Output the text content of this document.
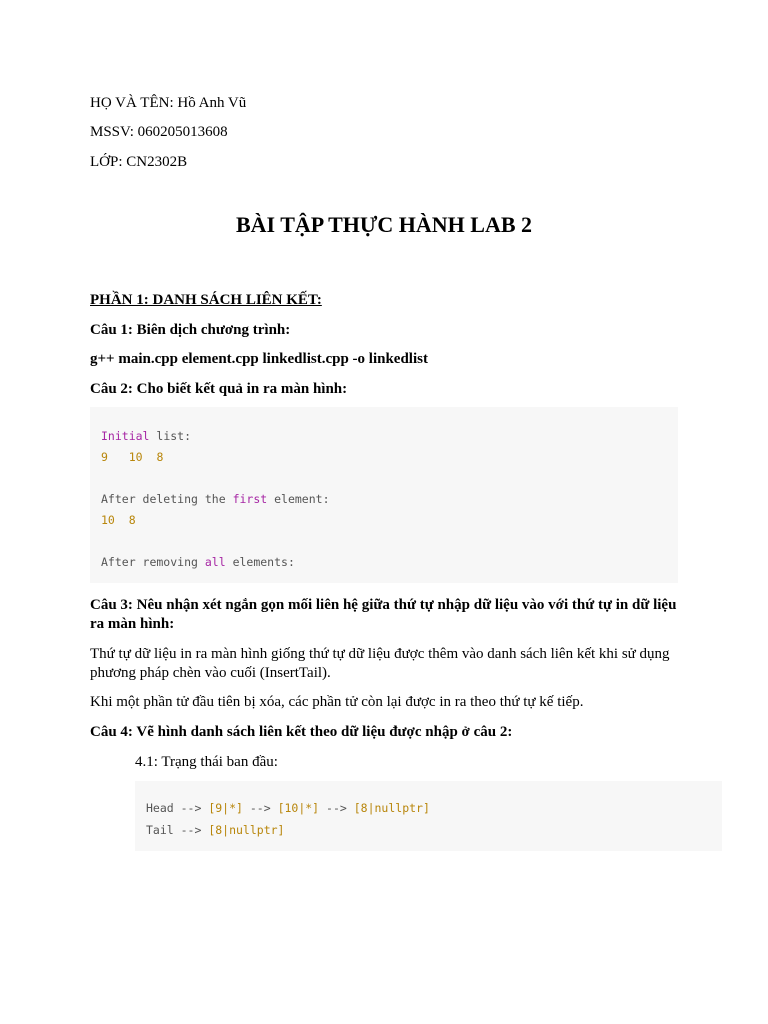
HỌ VÀ TÊN: Hồ Anh Vũ
MSSV: 060205013608
LỚP: CN2302B
BÀI TẬP THỰC HÀNH LAB 2
PHẦN 1: DANH SÁCH LIÊN KẾT:
Câu 1: Biên dịch chương trình:
g++ main.cpp element.cpp linkedlist.cpp -o linkedlist
Câu 2: Cho biết kết quả in ra màn hình:
Initial list:
9 10 8
After deleting the first element:
10 8
After removing all elements:
Câu 3: Nêu nhận xét ngắn gọn mối liên hệ giữa thứ tự nhập dữ liệu vào với thứ tự in dữ liệu ra màn hình:
Thứ tự dữ liệu in ra màn hình giống thứ tự dữ liệu được thêm vào danh sách liên kết khi sử dụng phương pháp chèn vào cuối (InsertTail).
Khi một phần tử đầu tiên bị xóa, các phần tử còn lại được in ra theo thứ tự kế tiếp.
Câu 4: Vẽ hình danh sách liên kết theo dữ liệu được nhập ở câu 2:
4.1: Trạng thái ban đầu:
Head --> [9|*] --> [10|*] --> [8|nullptr]
Tail --> [8|nullptr]
